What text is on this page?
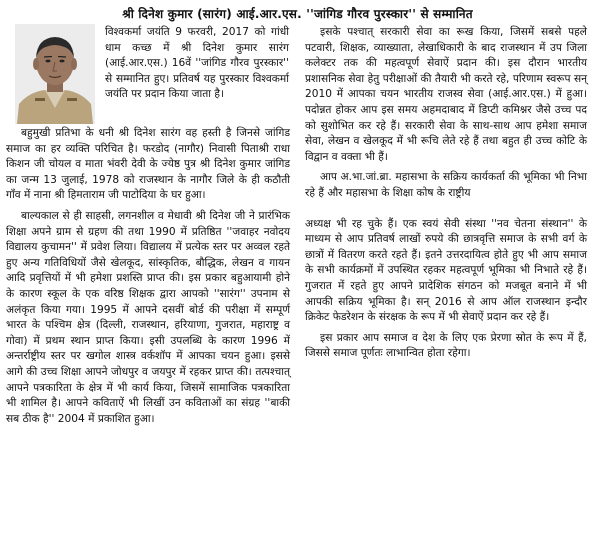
श्री दिनेश कुमार (सारंग) आई.आर.एस. ''जांगिड गौरव पुरस्कार'' से सम्मानित
विश्वकर्मा जयंति 9 फरवरी, 2017 को गांधी धाम कच्छ में श्री दिनेश कुमार सारंग (आई.आर.एस.) 16वें ''जांगिड गौरव पुरस्कार'' से सम्मानित हुए। प्रतिवर्ष यह पुरस्कार विश्वकर्मा जयंति पर प्रदान किया जाता है।

बहुमुखी प्रतिभा के धनी श्री दिनेश सारंग वह हस्ती है जिनसे जांगिड समाज का हर व्यक्ति परिचित है। फरडोद (नागौर) निवासी पिताश्री राधा किशन जी चोयल व माता भंवरी देवी के ज्येष्ठ पुत्र श्री दिनेश कुमार जांगिड का जन्म 13 जुलाई, 1978 को राजस्थान के नागौर जिले के ही कठौती गाँव में नाना श्री हिमताराम जी पाटोदिया के घर हुआ।

बाल्यकाल से ही साहसी, लगनशील व मेधावी श्री दिनेश जी ने प्रारंभिक शिक्षा अपने ग्राम से ग्रहण की तथा 1990 में प्रतिष्ठित ''जवाहर नवोदय विद्यालय कुचामन'' में प्रवेश लिया। विद्यालय में प्रत्येक स्तर पर अव्वल रहते हुए अन्य गतिविधियों जैसे खेलकूद, सांस्कृतिक, बौद्धिक, लेखन व गायन आदि प्रवृत्तियों में भी हमेशा प्रशस्ति प्राप्त की। इस प्रकार बहुआयामी होने के कारण स्कूल के एक वरिष्ठ शिक्षक द्वारा आपको ''सारंग'' उपनाम से अलंकृत किया गया। 1995 में आपने दसवीं बोर्ड की परीक्षा में सम्पूर्ण भारत के पश्चिम क्षेत्र (दिल्ली, राजस्थान, हरियाणा, गुजरात, महाराष्ट्र व गोवा) में प्रथम स्थान प्राप्त किया। इसी उपलब्धि के कारण 1996 में अन्तर्राष्ट्रीय स्तर पर खगोल शास्त्र वर्कशॉप में आपका चयन हुआ। इससे आगे की उच्च शिक्षा आपने जोधपुर व जयपुर में रहकर प्राप्त की। तत्पश्चात् आपने पत्रकारिता के क्षेत्र में भी कार्य किया, जिसमें सामाजिक पत्रकारिता भी शामिल है। आपने कविताऐं भी लिखीं उन कविताओं का संग्रह ''बाकी सब ठीक है'' 2004 में प्रकाशित हुआ।

इसके पश्चात् सरकारी सेवा का रूख किया, जिसमें सबसे पहले पटवारी, शिक्षक, व्याख्याता, लेखाधिकारी के बाद राजस्थान में उप जिला कलेक्टर तक की महत्वपूर्ण सेवाऐं प्रदान की। इस दौरान भारतीय प्रशासनिक सेवा हेतु परीक्षाओं की तैयारी भी करते रहे, परिणाम स्वरूप सन् 2010 में आपका चयन भारतीय राजस्व सेवा (आई.आर.एस.) में हुआ। पदोन्नत होकर आप इस समय अहमदाबाद में डिप्टी कमिश्नर जैसे उच्च पद को सुशोभित कर रहे हैं। सरकारी सेवा के साथ-साथ आप हमेशा समाज सेवा, लेखन व खेलकूद में भी रूचि लेते रहे हैं तथा बहुत ही उच्च कोटि के विद्वान व वक्ता भी हैं।

आप अ.भा.जां.ब्रा. महासभा के सक्रिय कार्यकर्ता की भूमिका भी निभा रहे हैं और महासभा के शिक्षा कोष के राष्ट्रीय

अध्यक्ष भी रह चुके हैं। एक स्वयं सेवी संस्था ''नव चेतना संस्थान'' के माध्यम से आप प्रतिवर्ष लाखों रुपये की छात्रवृत्ति समाज के सभी वर्ग के छात्रों में वितरण करते रहते हैं। इतने उत्तरदायित्व होते हुए भी आप समाज के सभी कार्यक्रमों में उपस्थित रहकर महत्वपूर्ण भूमिका भी निभाते रहे हैं। गुजरात में रहते हुए आपने प्रादेशिक संगठन को मजबूत बनाने में भी आपकी सक्रिय भूमिका है। सन् 2016 से आप ऑल राजस्थान इन्दौर क्रिकेट फेडरेशन के संरक्षक के रूप में भी सेवाऐं प्रदान कर रहे हैं।

इस प्रकार आप समाज व देश के लिए एक प्रेरणा स्रोत के रूप में हैं, जिससे समाज पूर्णतः लाभान्वित होता रहेगा।
